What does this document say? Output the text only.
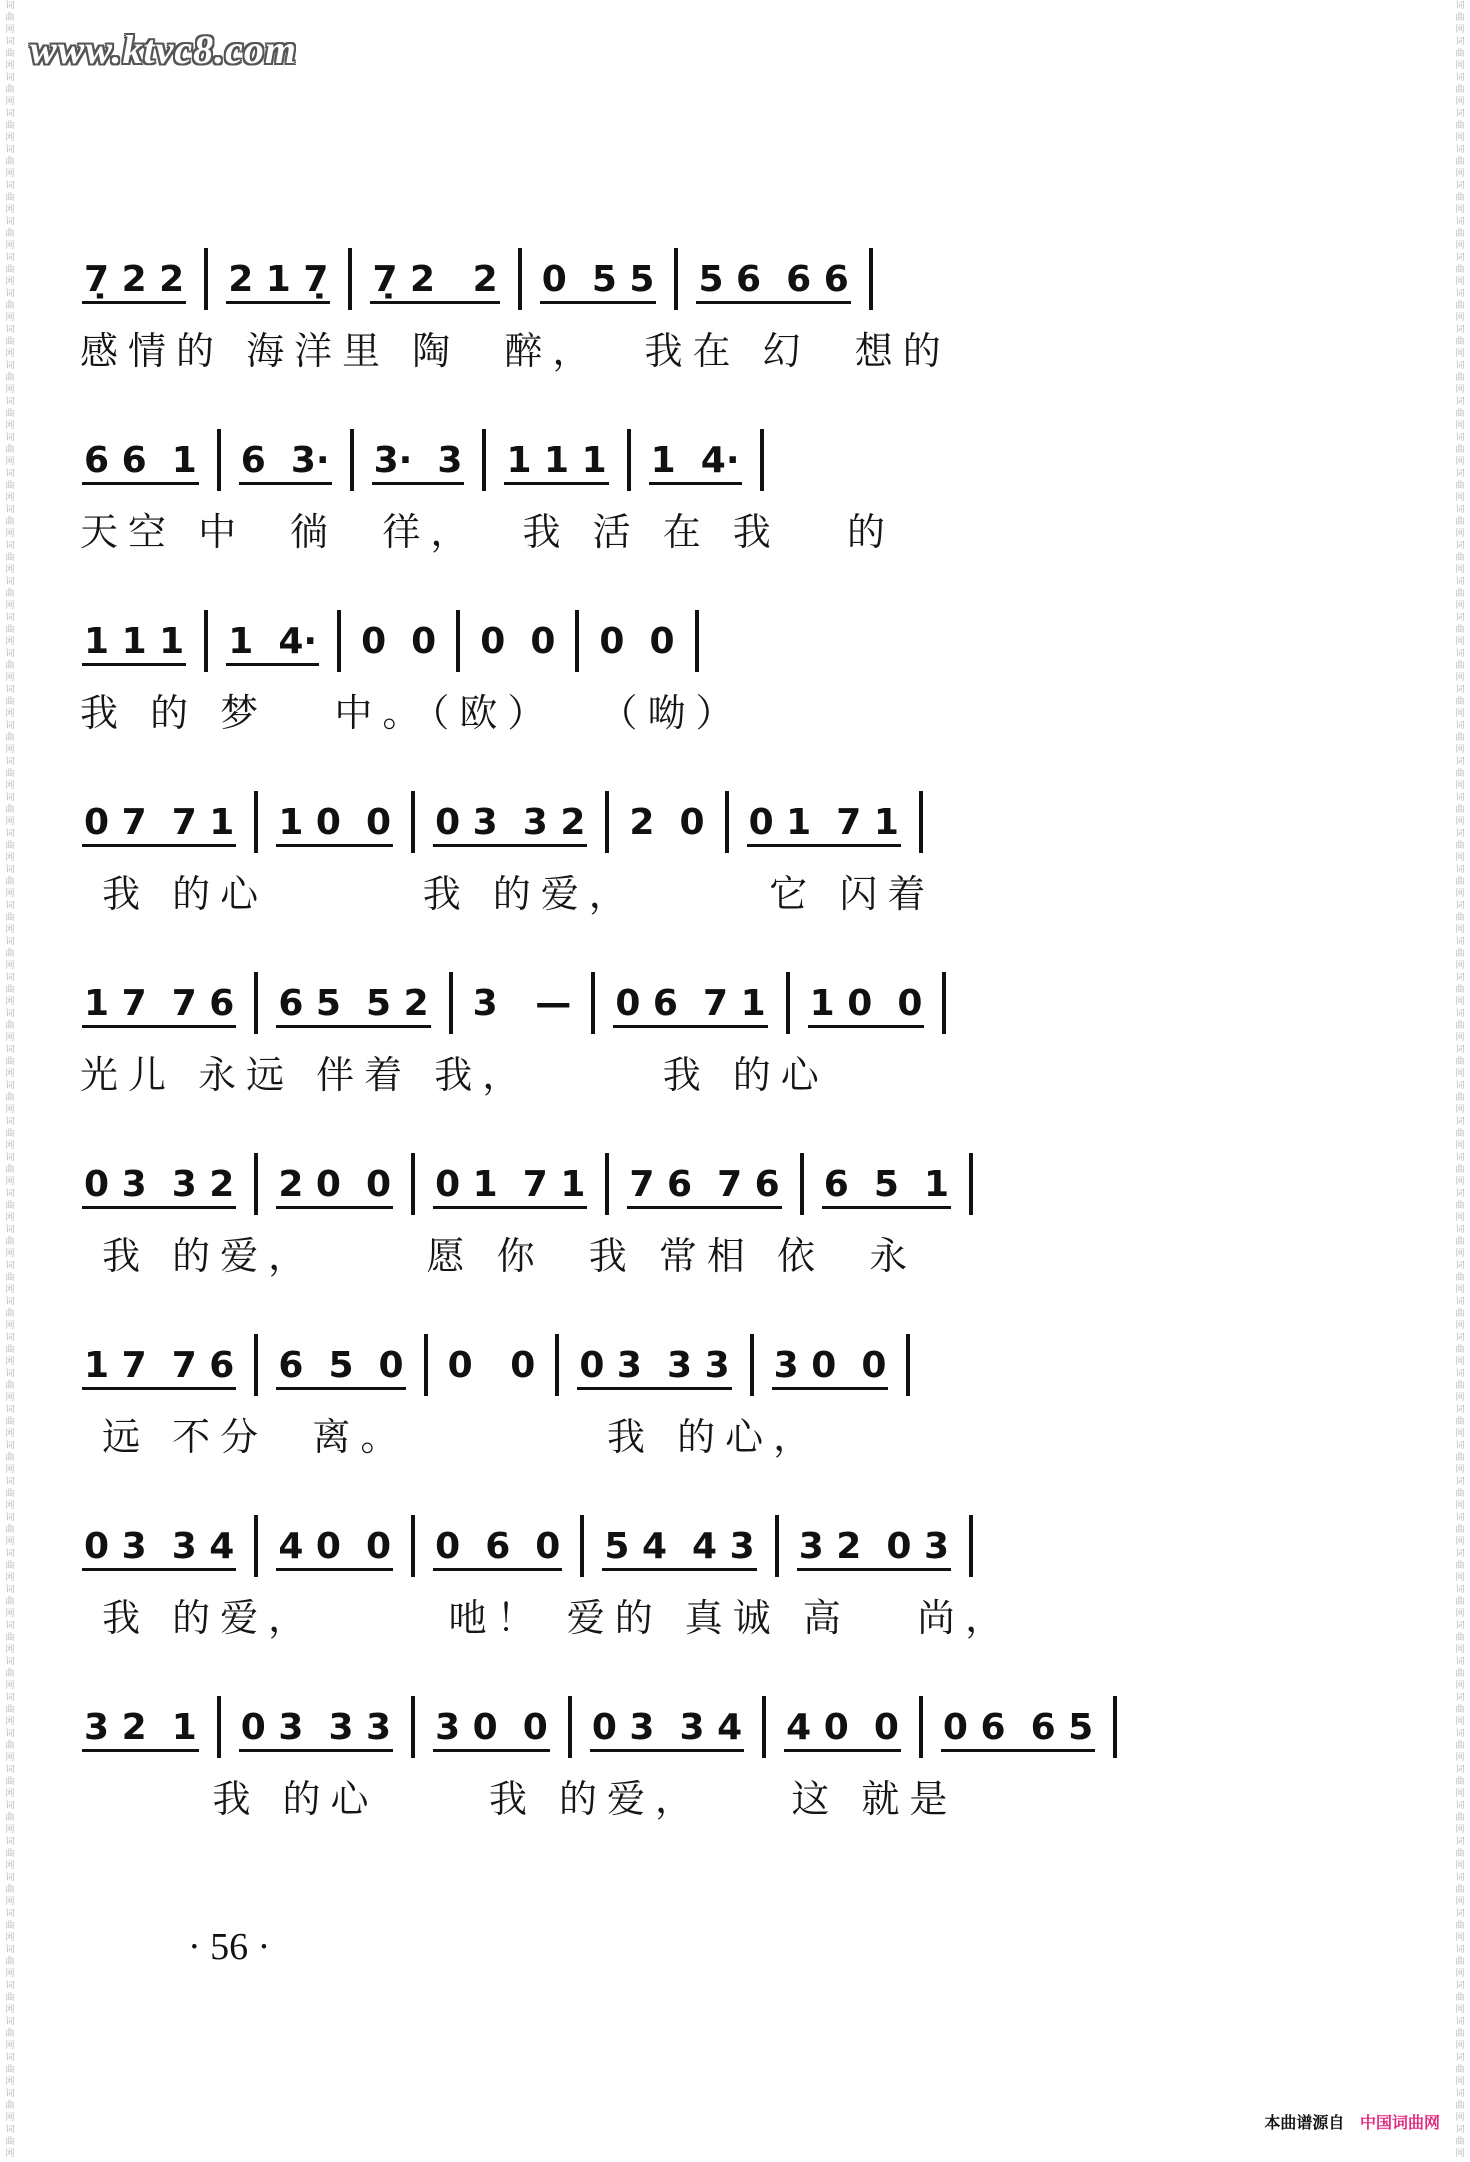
www.ktvc8.com
词曲网词曲网词曲网词曲网词曲网词曲网词曲网词曲网词曲网词曲网词曲网词曲网词曲网词曲网词曲网词曲网词曲网词曲网词曲网词曲网词曲网词曲网词曲网词曲网词曲网词曲网词曲网词曲网词曲网词曲网词曲网词曲网词曲网词曲网词曲网词曲网词曲网词曲网词曲网词曲网词曲网词曲网词曲网词曲网词曲网词曲网词曲网词曲网词曲网词曲网词曲网词曲网词曲网词曲网词曲网词曲网词曲网词曲网词曲网词曲网
词曲网词曲网词曲网词曲网词曲网词曲网词曲网词曲网词曲网词曲网词曲网词曲网词曲网词曲网词曲网词曲网词曲网词曲网词曲网词曲网词曲网词曲网词曲网词曲网词曲网词曲网词曲网词曲网词曲网词曲网词曲网词曲网词曲网词曲网词曲网词曲网词曲网词曲网词曲网词曲网词曲网词曲网词曲网词曲网词曲网词曲网词曲网词曲网词曲网词曲网词曲网词曲网词曲网词曲网词曲网词曲网词曲网词曲网词曲网词曲网
7̣ 2 2 2 1 7̣ 7̣ 2   2 0  5 5 5 6  6 6
感情的 海洋里 陶  醉，  我在 幻  想的
6 6  1 6  3· 3·  3 1 1 1 1  4·
天空 中  徜  徉，  我 活 在 我   的
1 1 1 1  4· 0  0 0  0 0  0
我 的 梦   中。（欧）  （呦）
0 7  7 1 1 0  0 0 3  3 2 2  0 0 1  7 1
我 的心       我 的爱，      它 闪着
1 7  7 6 6 5  5 2 3   — 0 6  7 1 1 0  0
光儿 永远 伴着 我，      我 的心
0 3  3 2 2 0  0 0 1  7 1 7 6  7 6 6  5  1
我 的爱，     愿 你  我 常相 依  永
1 7  7 6 6  5  0 0   0 0 3  3 3 3 0  0
远 不分  离。         我 的心，
0 3  3 4 4 0  0 0  6  0 5 4  4 3 3 2  0 3
我 的爱，      吔！ 爱的 真诚 高   尚，
3 2  1 0 3  3 3 3 0  0 0 3  3 4 4 0  0 0 6  6 5
我 的心     我 的爱，    这 就是
· 56 ·
本曲谱源自 中国词曲网
